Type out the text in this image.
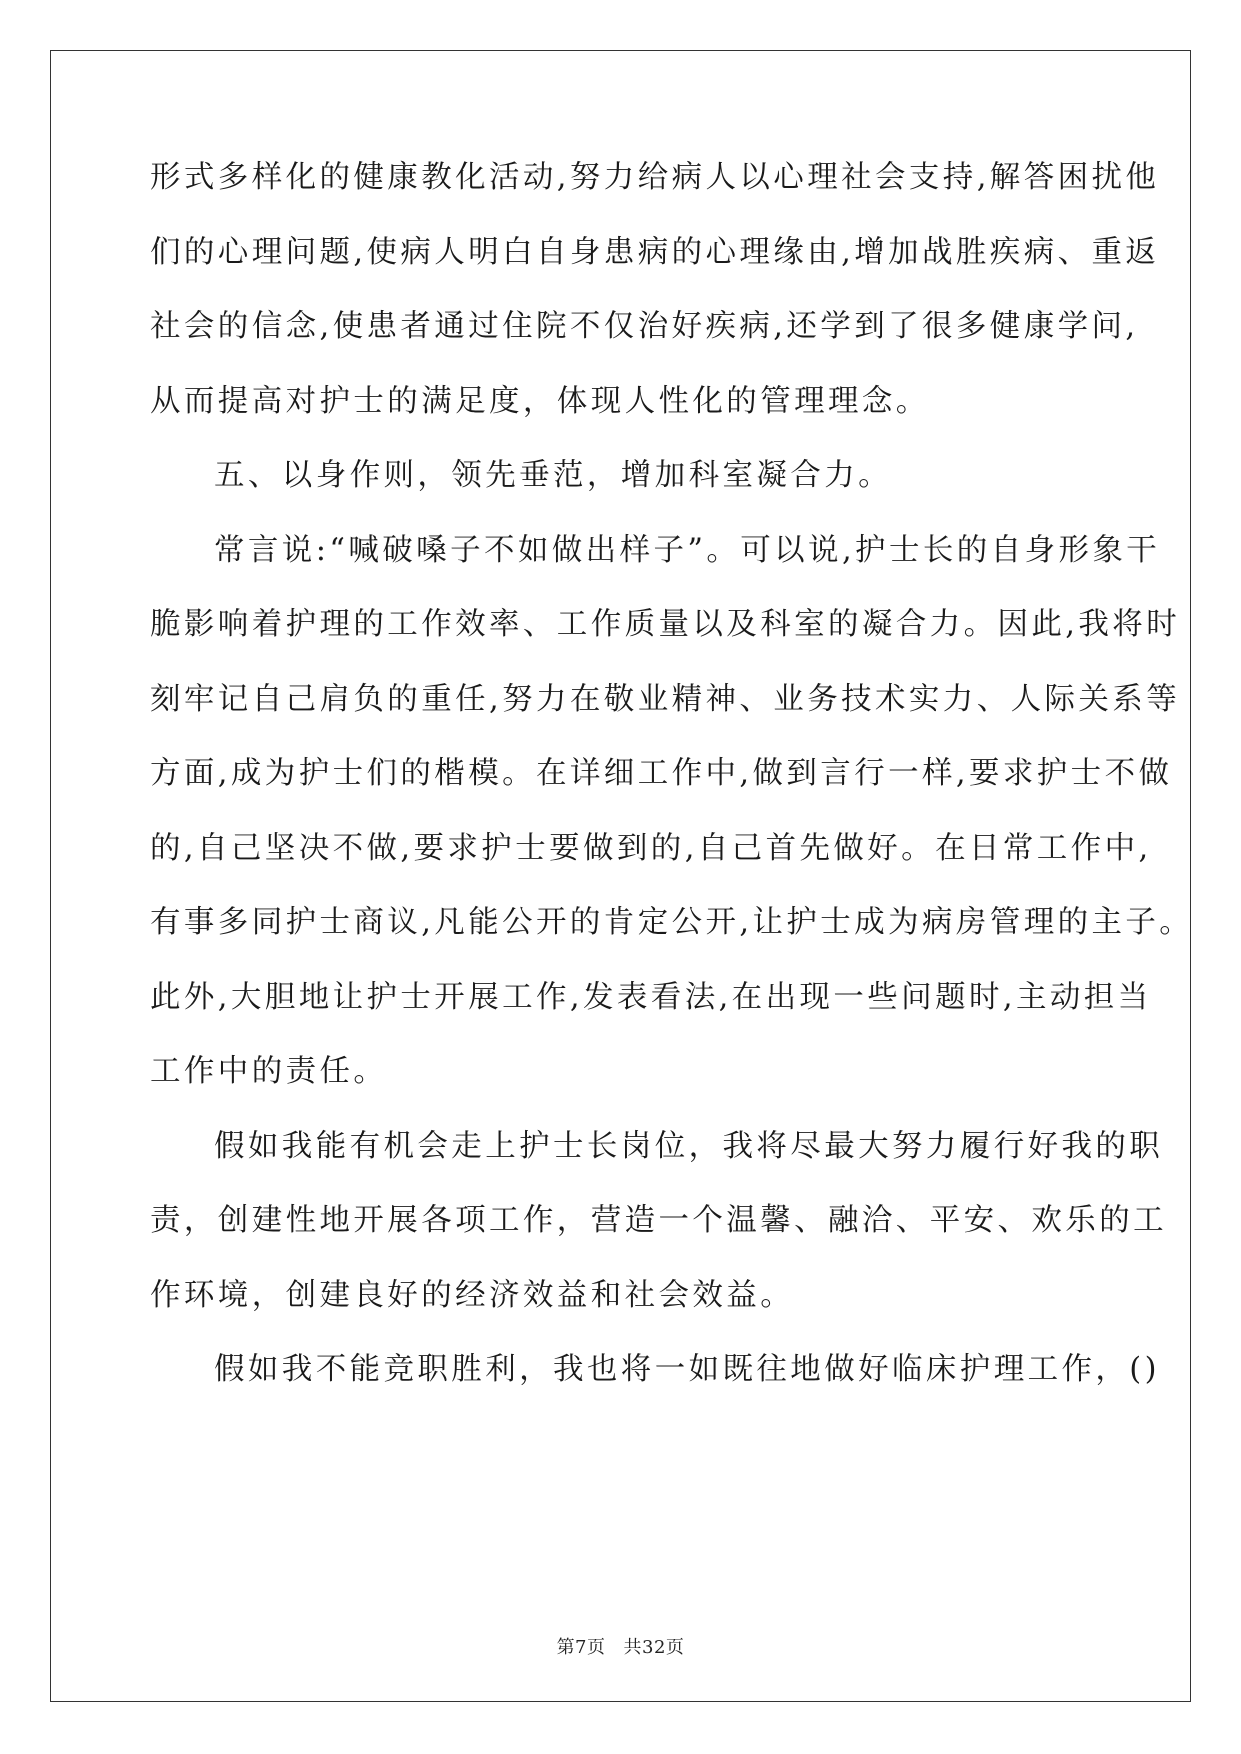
形式多样化的健康教化活动,努力给病人以心理社会支持,解答困扰他
们的心理问题,使病人明白自身患病的心理缘由,增加战胜疾病、重返
社会的信念,使患者通过住院不仅治好疾病,还学到了很多健康学问,
从而提高对护士的满足度，体现人性化的管理理念。
五、以身作则，领先垂范，增加科室凝合力。
常言说:“喊破嗓子不如做出样子”。可以说,护士长的自身形象干
脆影响着护理的工作效率、工作质量以及科室的凝合力。因此,我将时
刻牢记自己肩负的重任,努力在敬业精神、业务技术实力、人际关系等
方面,成为护士们的楷模。在详细工作中,做到言行一样,要求护士不做
的,自己坚决不做,要求护士要做到的,自己首先做好。在日常工作中,
有事多同护士商议,凡能公开的肯定公开,让护士成为病房管理的主子。
此外,大胆地让护士开展工作,发表看法,在出现一些问题时,主动担当
工作中的责任。
假如我能有机会走上护士长岗位，我将尽最大努力履行好我的职
责，创建性地开展各项工作，营造一个温馨、融洽、平安、欢乐的工
作环境，创建良好的经济效益和社会效益。
假如我不能竞职胜利，我也将一如既往地做好临床护理工作，()
第7页 共32页
